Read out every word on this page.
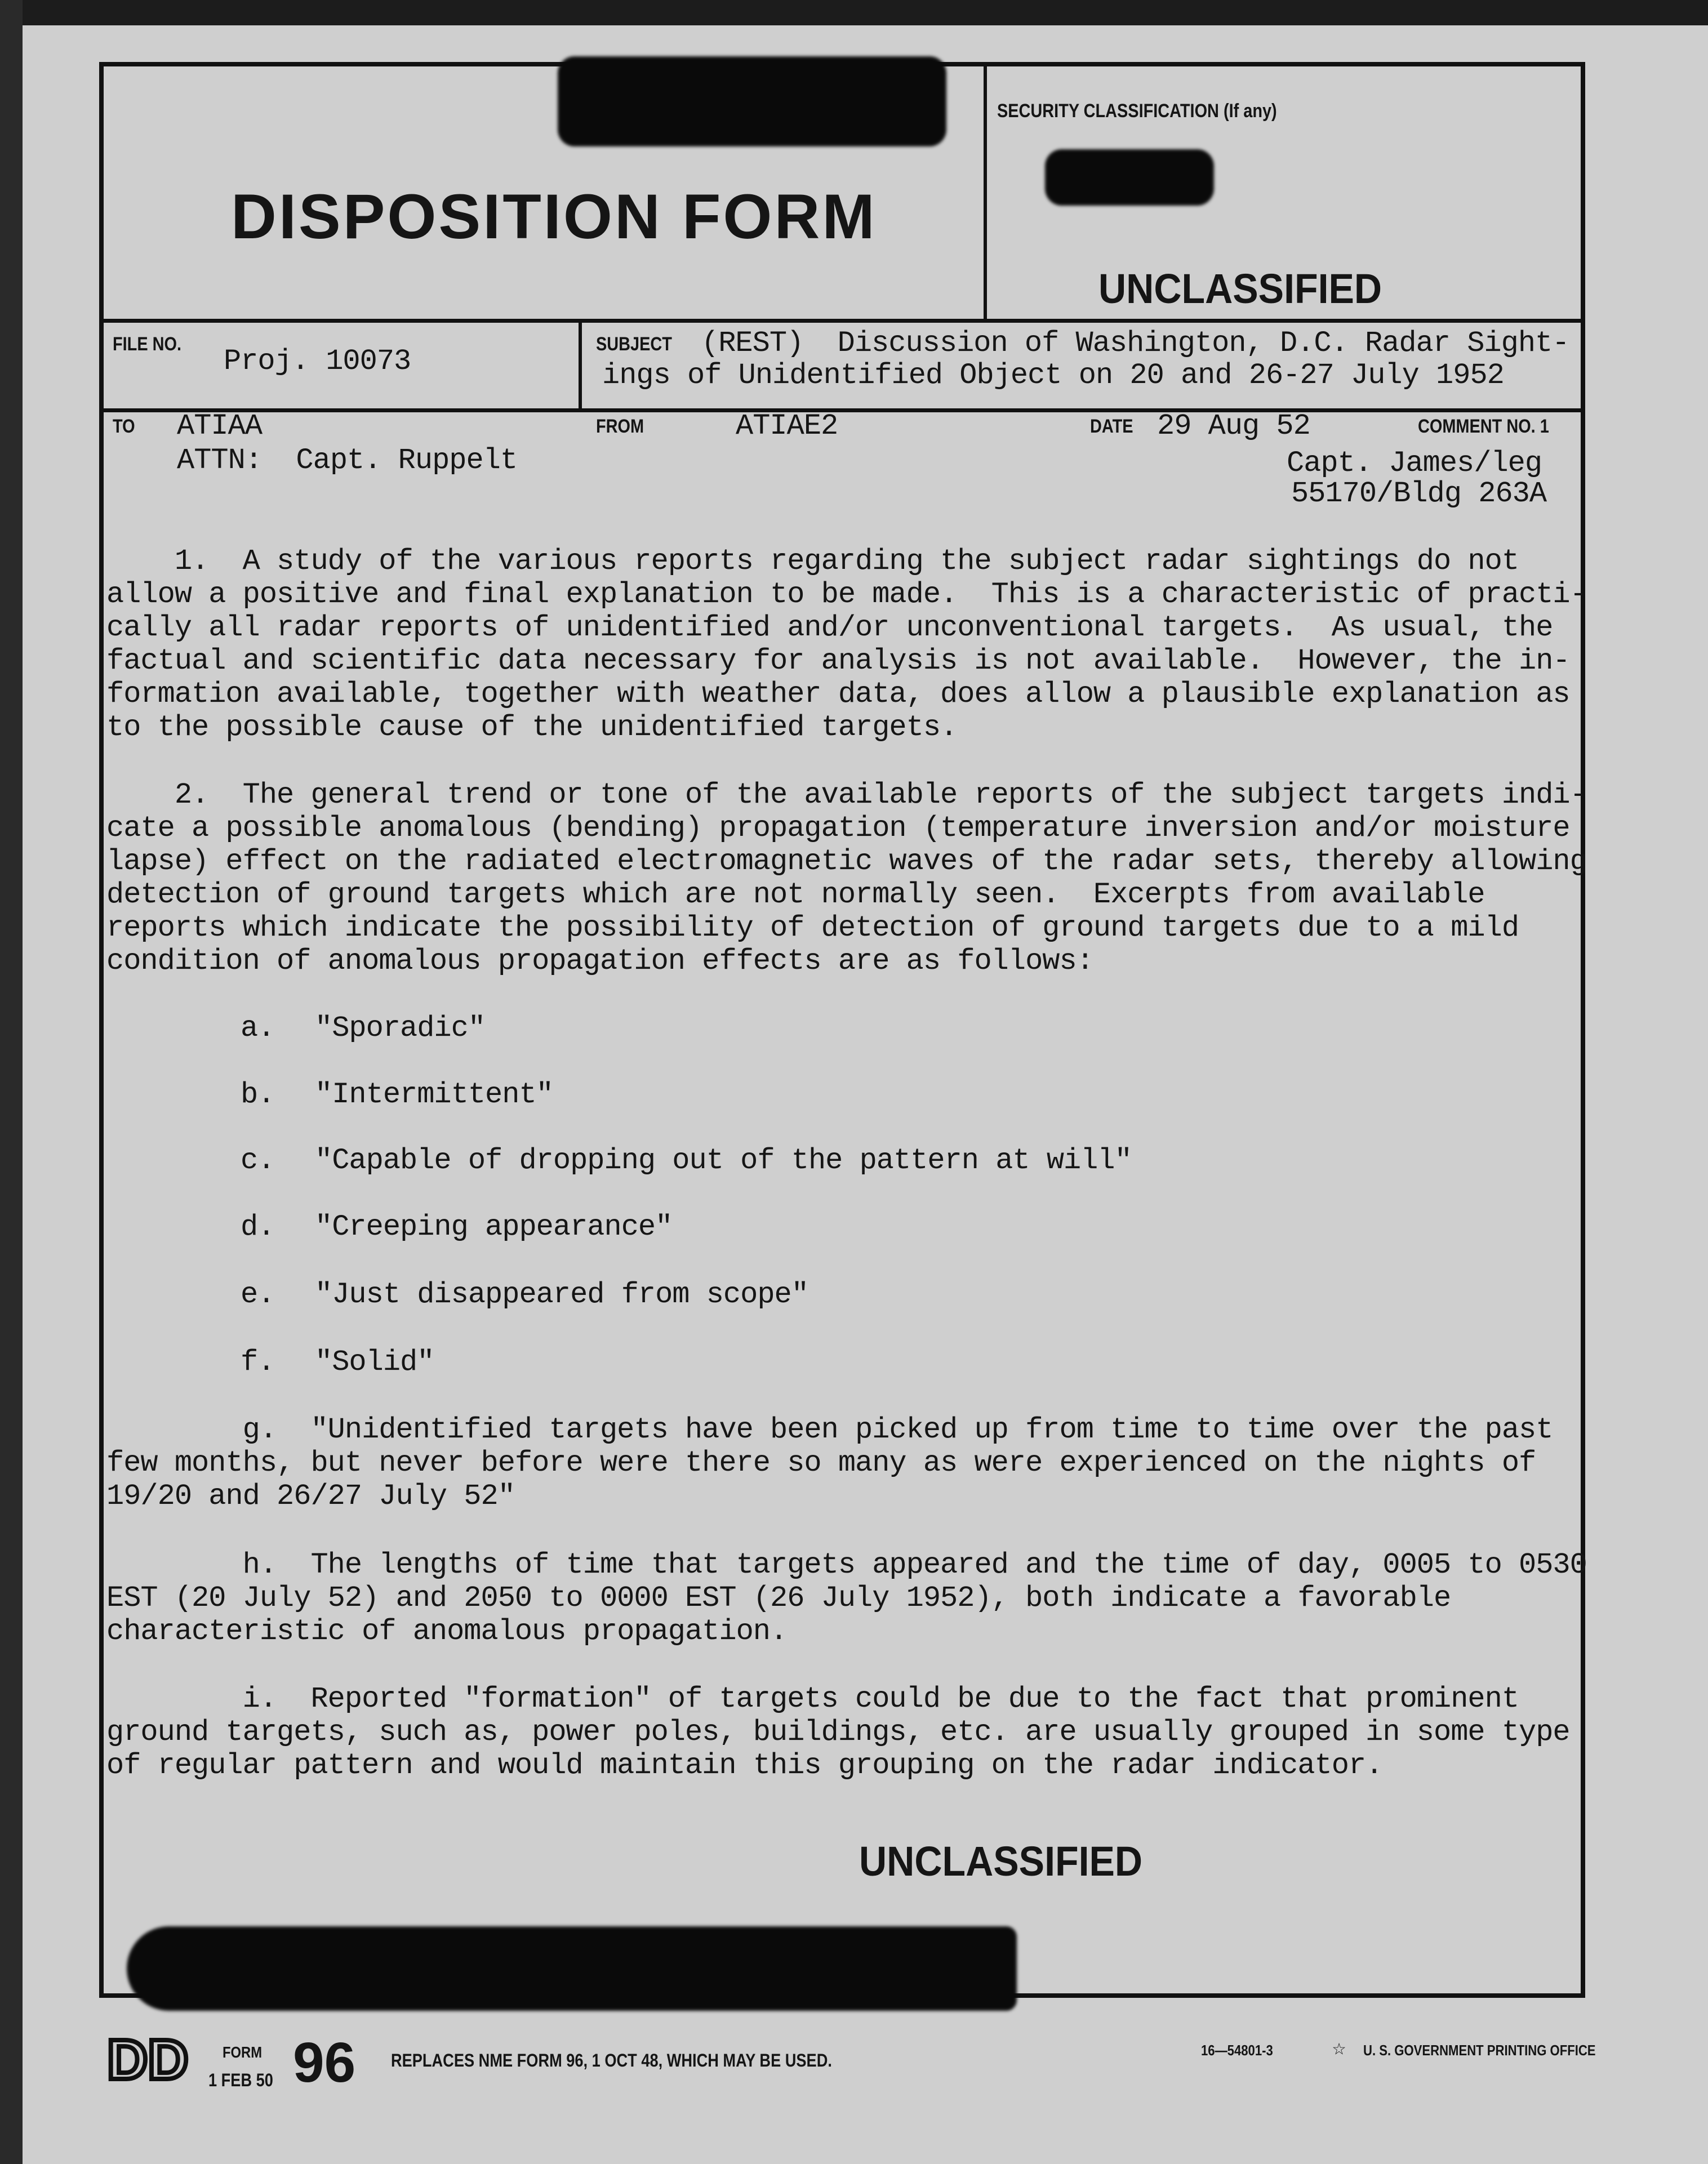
DISPOSITION FORM
SECURITY CLASSIFICATION (If any)
UNCLASSIFIED
FILE NO.
Proj. 10073
SUBJECT (REST)  Discussion of Washington, D.C. Radar Sight-
ings of Unidentified Object on 20 and 26-27 July 1952
TO ATIAA
ATTN:  Capt. Ruppelt
FROM	ATIAE2	DATE 29 Aug 52	COMMENT NO. 1
Capt. James/leg
55170/Bldg 263A
1.  A study of the various reports regarding the subject radar sightings do not
allow a positive and final explanation to be made.  This is a characteristic of practi-
cally all radar reports of unidentified and/or unconventional targets.  As usual, the
factual and scientific data necessary for analysis is not available.  However, the in-
formation available, together with weather data, does allow a plausible explanation as
to the possible cause of the unidentified targets.
2.  The general trend or tone of the available reports of the subject targets indi-
cate a possible anomalous (bending) propagation (temperature inversion and/or moisture
lapse) effect on the radiated electromagnetic waves of the radar sets, thereby allowing
detection of ground targets which are not normally seen.  Excerpts from available
reports which indicate the possibility of detection of ground targets due to a mild
condition of anomalous propagation effects are as follows:
a. "Sporadic"
b. "Intermittent"
c. "Capable of dropping out of the pattern at will"
d. "Creeping appearance"
e. "Just disappeared from scope"
f. "Solid"
g.  "Unidentified targets have been picked up from time to time over the past
few months, but never before were there so many as were experienced on the nights of
19/20 and 26/27 July 52"
h.  The lengths of time that targets appeared and the time of day, 0005 to 0530
EST (20 July 52) and 2050 to 0000 EST (26 July 1952), both indicate a favorable
characteristic of anomalous propagation.
i.  Reported "formation" of targets could be due to the fact that prominent
ground targets, such as, power poles, buildings, etc. are usually grouped in some type
of regular pattern and would maintain this grouping on the radar indicator.
UNCLASSIFIED
DD FORM
1 FEB 50 96 REPLACES NME FORM 96, 1 OCT 48, WHICH MAY BE USED.	16—54801-3	☆ U. S. GOVERNMENT PRINTING OFFICE
